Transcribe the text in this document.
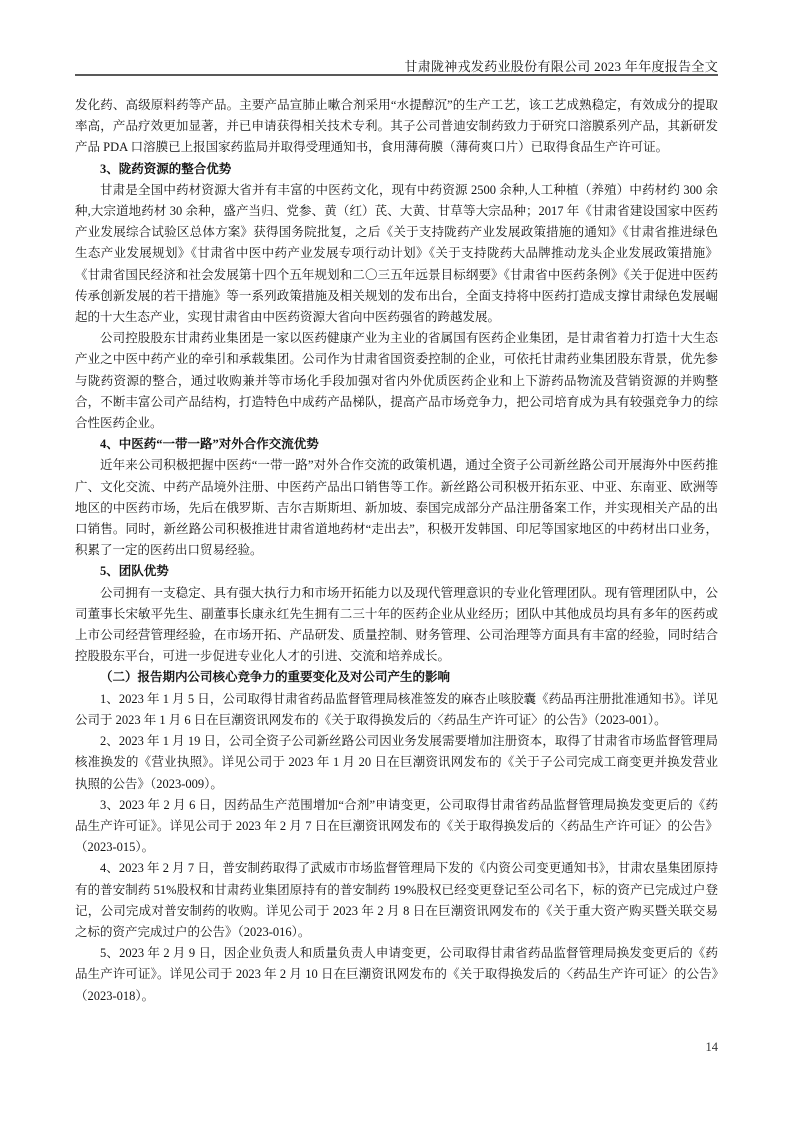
甘肃陇神戎发药业股份有限公司 2023 年年度报告全文

发化药、高级原料药等产品。主要产品宣肺止嗽合剂采用“水提醇沉”的生产工艺，该工艺成熟稳定，有效成分的提取率高，产品疗效更加显著，并已申请获得相关技术专利。其子公司普迪安制药致力于研究口溶膜系列产品，其新研发产品 PDA 口溶膜已上报国家药监局并取得受理通知书，食用薄荷膜（薄荷爽口片）已取得食品生产许可证。

3、陇药资源的整合优势

甘肃是全国中药材资源大省并有丰富的中医药文化，现有中药资源 2500 余种,人工种植（养殖）中药材约 300 余种,大宗道地药材 30 余种，盛产当归、党参、黄（红）芪、大黄、甘草等大宗品种；2017 年《甘肃省建设国家中医药产业发展综合试验区总体方案》获得国务院批复，之后《关于支持陇药产业发展政策措施的通知》《甘肃省推进绿色生态产业发展规划》《甘肃省中医中药产业发展专项行动计划》《关于支持陇药大品牌推动龙头企业发展政策措施》《甘肃省国民经济和社会发展第十四个五年规划和二〇三五年远景目标纲要》《甘肃省中医药条例》《关于促进中医药传承创新发展的若干措施》等一系列政策措施及相关规划的发布出台，全面支持将中医药打造成支撑甘肃绿色发展崛起的十大生态产业，实现甘肃省由中医药资源大省向中医药强省的跨越发展。

公司控股股东甘肃药业集团是一家以医药健康产业为主业的省属国有医药企业集团，是甘肃省着力打造十大生态产业之中医中药产业的牵引和承载集团。公司作为甘肃省国资委控制的企业，可依托甘肃药业集团股东背景，优先参与陇药资源的整合，通过收购兼并等市场化手段加强对省内外优质医药企业和上下游药品物流及营销资源的并购整合，不断丰富公司产品结构，打造特色中成药产品梯队，提高产品市场竞争力，把公司培育成为具有较强竞争力的综合性医药企业。

4、中医药“一带一路”对外合作交流优势

近年来公司积极把握中医药“一带一路”对外合作交流的政策机遇，通过全资子公司新丝路公司开展海外中医药推广、文化交流、中药产品境外注册、中医药产品出口销售等工作。新丝路公司积极开拓东亚、中亚、东南亚、欧洲等地区的中医药市场，先后在俄罗斯、吉尔吉斯斯坦、新加坡、泰国完成部分产品注册备案工作，并实现相关产品的出口销售。同时，新丝路公司积极推进甘肃省道地药材“走出去”，积极开发韩国、印尼等国家地区的中药材出口业务，积累了一定的医药出口贸易经验。

5、团队优势

公司拥有一支稳定、具有强大执行力和市场开拓能力以及现代管理意识的专业化管理团队。现有管理团队中，公司董事长宋敏平先生、副董事长康永红先生拥有二三十年的医药企业从业经历；团队中其他成员均具有多年的医药或上市公司经营管理经验，在市场开拓、产品研发、质量控制、财务管理、公司治理等方面具有丰富的经验，同时结合控股股东平台，可进一步促进专业化人才的引进、交流和培养成长。

（二）报告期内公司核心竞争力的重要变化及对公司产生的影响

1、2023 年 1 月 5 日，公司取得甘肃省药品监督管理局核准签发的麻杏止咳胶囊《药品再注册批准通知书》。详见公司于 2023 年 1 月 6 日在巨潮资讯网发布的《关于取得换发后的〈药品生产许可证〉的公告》（2023-001）。

2、2023 年 1 月 19 日，公司全资子公司新丝路公司因业务发展需要增加注册资本，取得了甘肃省市场监督管理局核准换发的《营业执照》。详见公司于 2023 年 1 月 20 日在巨潮资讯网发布的《关于子公司完成工商变更并换发营业执照的公告》（2023-009）。

3、2023 年 2 月 6 日，因药品生产范围增加“合剂”申请变更，公司取得甘肃省药品监督管理局换发变更后的《药品生产许可证》。详见公司于 2023 年 2 月 7 日在巨潮资讯网发布的《关于取得换发后的〈药品生产许可证〉的公告》（2023-015）。

4、2023 年 2 月 7 日，普安制药取得了武威市市场监督管理局下发的《内资公司变更通知书》，甘肃农垦集团原持有的普安制药 51%股权和甘肃药业集团原持有的普安制药 19%股权已经变更登记至公司名下，标的资产已完成过户登记，公司完成对普安制药的收购。详见公司于 2023 年 2 月 8 日在巨潮资讯网发布的《关于重大资产购买暨关联交易之标的资产完成过户的公告》（2023-016）。

5、2023 年 2 月 9 日，因企业负责人和质量负责人申请变更，公司取得甘肃省药品监督管理局换发变更后的《药品生产许可证》。详见公司于 2023 年 2 月 10 日在巨潮资讯网发布的《关于取得换发后的〈药品生产许可证〉的公告》（2023-018）。

14
